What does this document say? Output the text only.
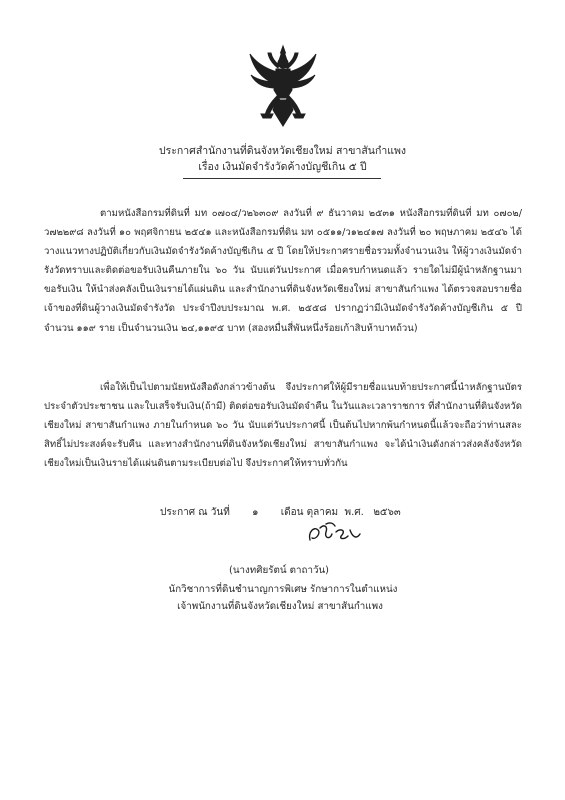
ประกาศสำนักงานที่ดินจังหวัดเชียงใหม่ สาขาสันกำแพง
เรื่อง เงินมัดจำรังวัดค้างบัญชีเกิน ๕ ปี

ตามหนังสือกรมที่ดินที่ มท ๐๗๐๔/ว๒๖๓๐๙ ลงวันที่ ๙ ธันวาคม ๒๕๓๑ หนังสือกรมที่ดินที่ มท ๐๗๐๒/ว๗๒๒๙๘ ลงวันที่ ๑๐ พฤศจิกายน ๒๕๔๑ และหนังสือกรมที่ดิน มท ๐๕๑๑/ว๑๒๔๑๗ ลงวันที่ ๒๐ พฤษภาคม ๒๕๔๖ ได้วางแนวทางปฏิบัติเกี่ยวกับเงินมัดจำรังวัดค้างบัญชีเกิน ๕ ปี โดยให้ประกาศรายชื่อรวมทั้งจำนวนเงิน ให้ผู้วางเงินมัดจำรังวัดทราบและติดต่อขอรับเงินคืนภายใน ๖๐ วัน นับแต่วันประกาศ เมื่อครบกำหนดแล้ว รายใดไม่มีผู้นำหลักฐานมาขอรับเงิน ให้นำส่งคลังเป็นเงินรายได้แผ่นดิน และสำนักงานที่ดินจังหวัดเชียงใหม่ สาขาสันกำแพง ได้ตรวจสอบรายชื่อเจ้าของที่ดินผู้วางเงินมัดจำรังวัด ประจำปีงบประมาณ พ.ศ. ๒๕๕๘ ปรากฏว่ามีเงินมัดจำรังวัดค้างบัญชีเกิน ๕ ปี จำนวน ๑๑๙ ราย เป็นจำนวนเงิน ๒๔,๑๑๙๕ บาท (สองหมื่นสี่พันหนึ่งร้อยเก้าสิบห้าบาทถ้วน)

เพื่อให้เป็นไปตามนัยหนังสือดังกล่าวข้างต้น จึงประกาศให้ผู้มีรายชื่อแนบท้ายประกาศนี้นำหลักฐานบัตรประจำตัวประชาชน และใบเสร็จรับเงิน(ถ้ามี) ติดต่อขอรับเงินมัดจำคืน ในวันและเวลาราชการ ที่สำนักงานที่ดินจังหวัดเชียงใหม่ สาขาสันกำแพง ภายในกำหนด ๖๐ วัน นับแต่วันประกาศนี้ เป็นต้นไปหากพ้นกำหนดนี้แล้วจะถือว่าท่านสละสิทธิ์ไม่ประสงค์จะรับคืน และทางสำนักงานที่ดินจังหวัดเชียงใหม่ สาขาสันกำแพง จะได้นำเงินดังกล่าวส่งคลังจังหวัดเชียงใหม่เป็นเงินรายได้แผ่นดินตามระเบียบต่อไป จึงประกาศให้ทราบทั่วกัน

ประกาศ ณ วันที่ ๑ เดือน ตุลาคม พ.ศ. ๒๕๖๓
(นางทศิยรัตน์ ตาถาวัน)
นักวิชาการที่ดินชำนาญการพิเศษ รักษาการในตำแหน่ง
เจ้าพนักงานที่ดินจังหวัดเชียงใหม่ สาขาสันกำแพง
